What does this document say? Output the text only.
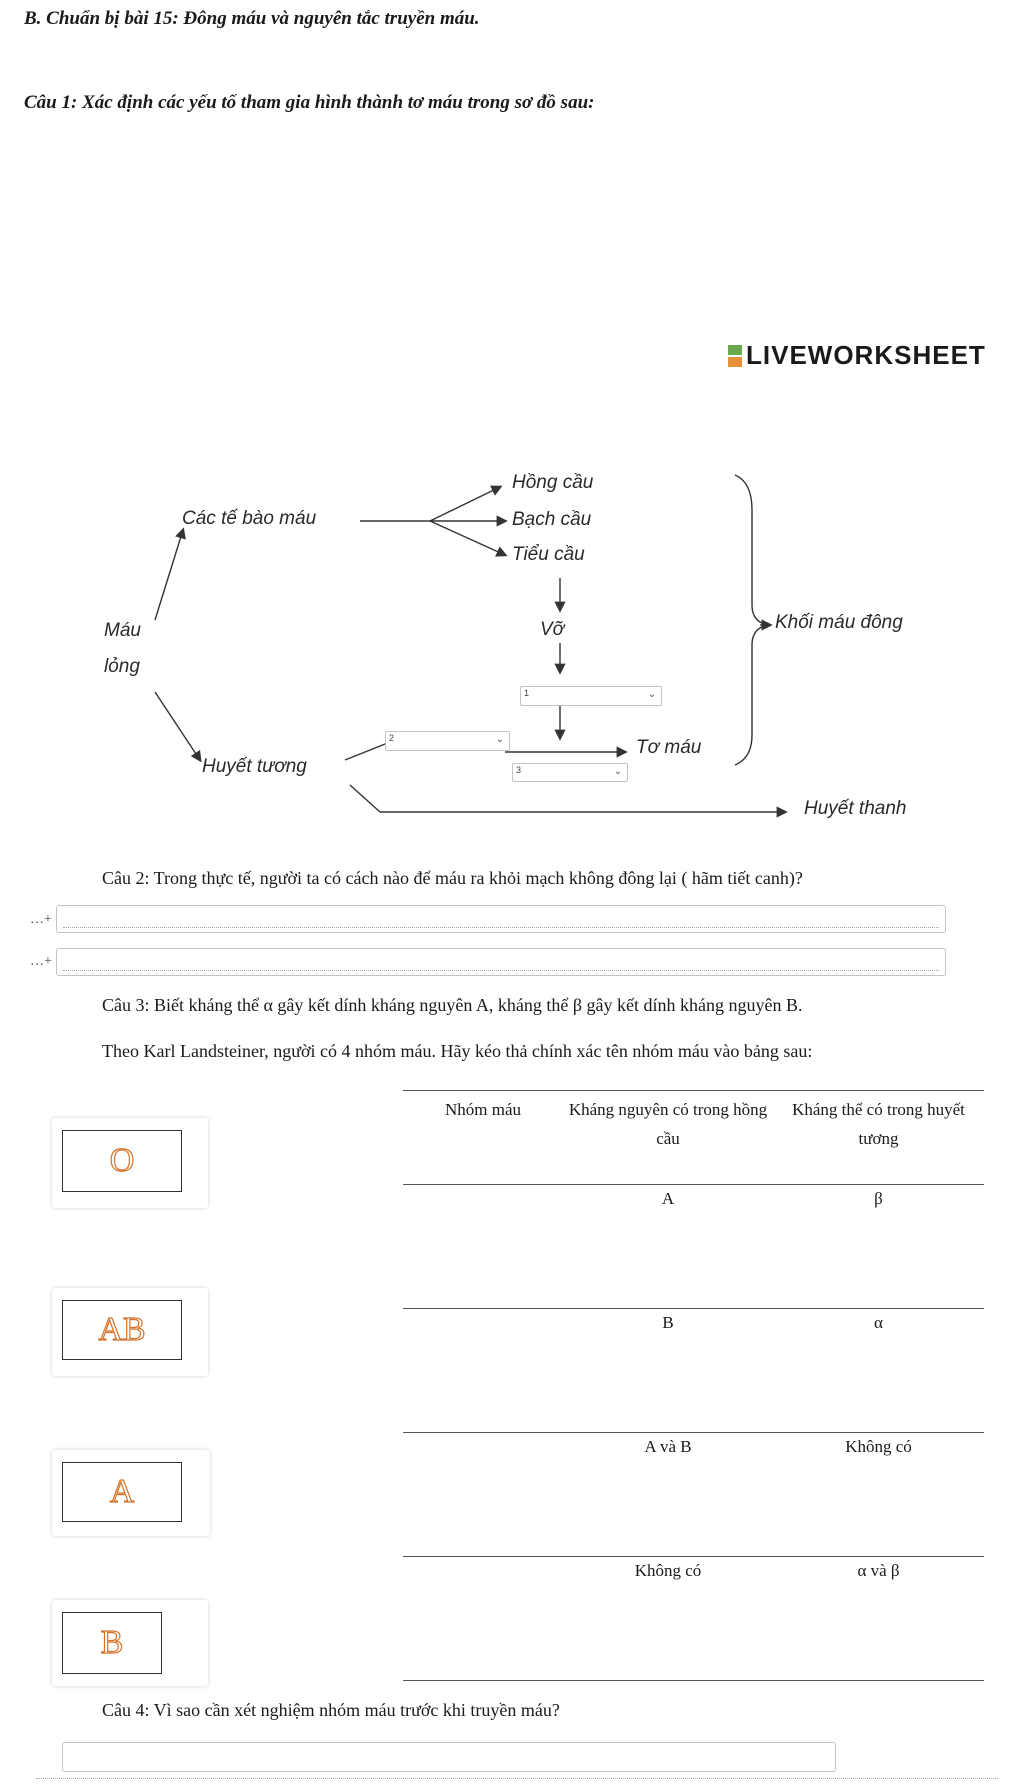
B. Chuẩn bị bài 15: Đông máu và nguyên tắc truyền máu.
Câu 1: Xác định các yếu tố tham gia hình thành tơ máu trong sơ đồ sau:
LIVEWORKSHEET
Các tế bào máu
Máu
lỏng
Huyết tương
Hồng cầu
Bạch cầu
Tiểu cầu
Vỡ	Khối máu đông
Tơ máu
Huyết thanh
1	⌄
2	⌄
3	⌄
Câu 2: Trong thực tế, người ta có cách nào để máu ra khỏi mạch không đông lại ( hãm tiết canh)?
…+
…+
Câu 3: Biết kháng thể α gây kết dính kháng nguyên A, kháng thể β gây kết dính kháng nguyên B.
Theo Karl Landsteiner, người có 4 nhóm máu. Hãy kéo thả chính xác tên nhóm máu vào bảng sau:
O
AB
A
B
Nhóm máu	Kháng nguyên có trong hồng cầu	Kháng thể có trong huyết tương
	A	β
	B	α
	A và B	Không có
	Không có	α và β
Câu 4: Vì sao cần xét nghiệm nhóm máu trước khi truyền máu?
